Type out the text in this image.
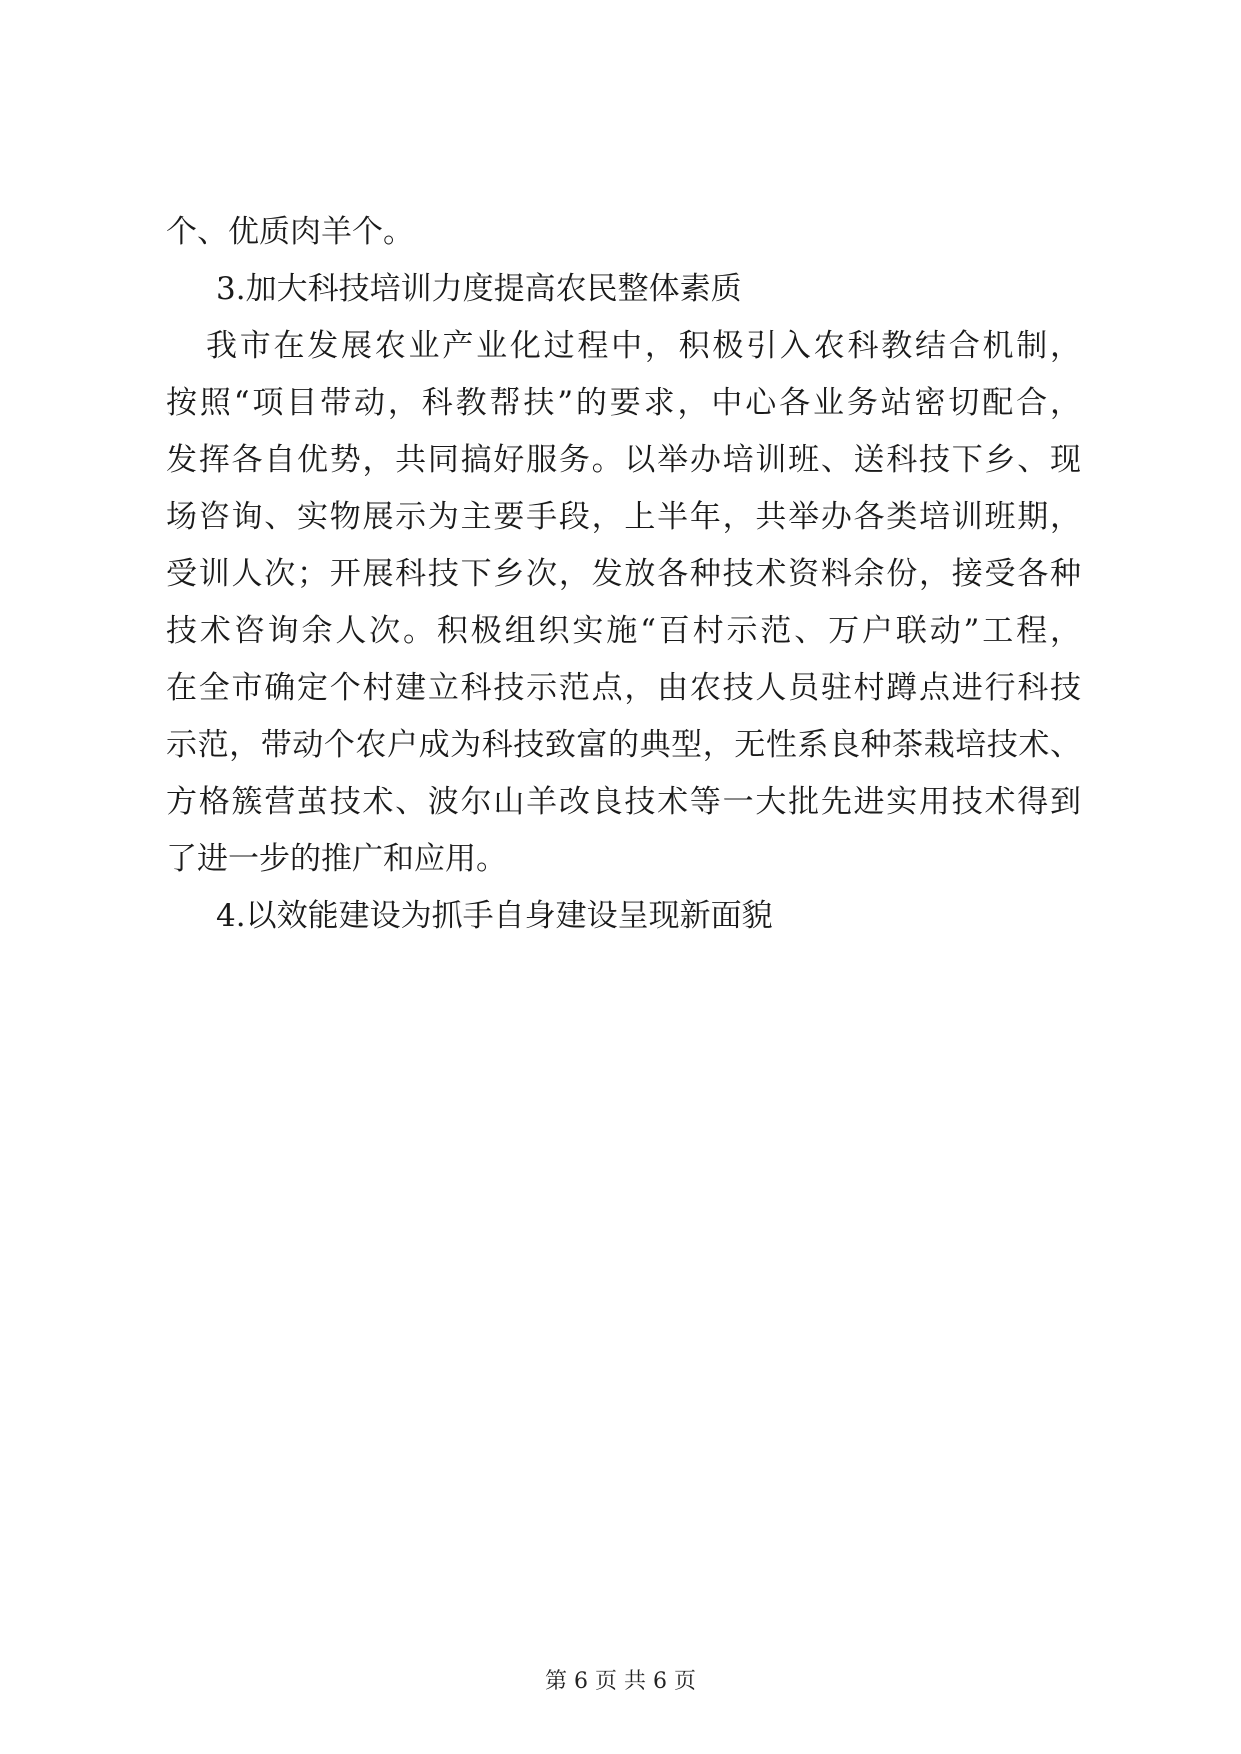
个、优质肉羊个。
3.加大科技培训力度提高农民整体素质
我市在发展农业产业化过程中，积极引入农科教结合机制，
按照“项目带动，科教帮扶”的要求，中心各业务站密切配合，
发挥各自优势，共同搞好服务。以举办培训班、送科技下乡、现
场咨询、实物展示为主要手段，上半年，共举办各类培训班期，
受训人次；开展科技下乡次，发放各种技术资料余份，接受各种
技术咨询余人次。积极组织实施“百村示范、万户联动”工程，
在全市确定个村建立科技示范点，由农技人员驻村蹲点进行科技
示范，带动个农户成为科技致富的典型，无性系良种茶栽培技术、
方格簇营茧技术、波尔山羊改良技术等一大批先进实用技术得到
了进一步的推广和应用。
4.以效能建设为抓手自身建设呈现新面貌
第 6 页 共 6 页
